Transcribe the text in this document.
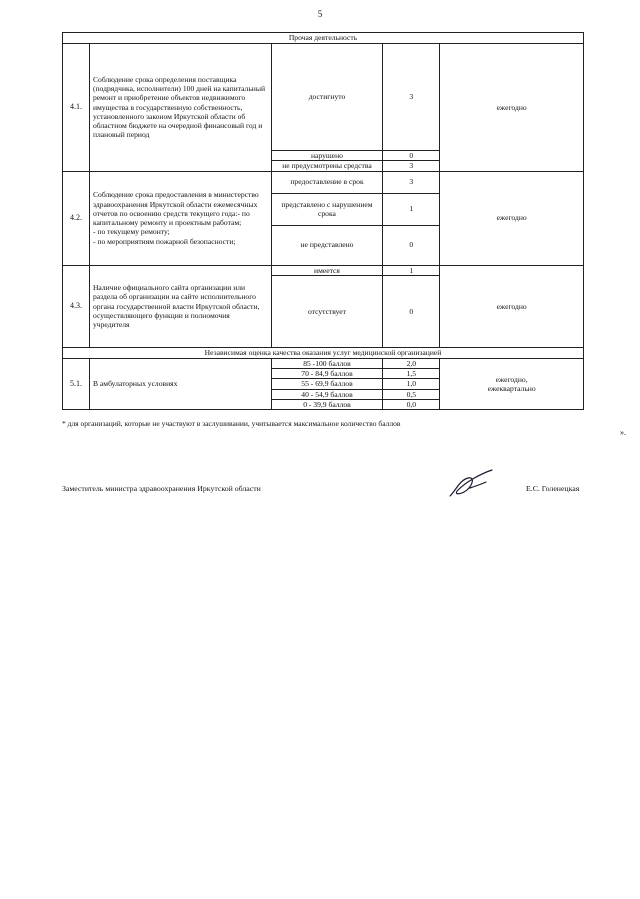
5
Прочая деятельность				
4.1.	Соблюдение срока определения поставщика (подрядчика, исполнители) 100 дней на капитальный ремонт и приобретение объектов недвижимого имущества в государственную собственность, установленного законом Иркутской области об областном бюджете на очередной финансовый год и плановый период	достигнуто	3	ежегодно
		нарушено	0	
		не предусмотрены средства	3	
4.2.	Соблюдение срока предоставления в министерство здравоохранения Иркутской области ежемесячных отчетов по освоению средств текущего года:- по капитальному ремонту и проектным работам;
- по текущему ремонту;
- по мероприятиям пожарной безопасности;	предоставление в срок	3	ежегодно
		представлено с нарушением срока	1	
		не представлено	0	
4.3.	Наличие официального сайта организации или раздела об организации на сайте исполнительного органа государственной власти Иркутской области, осуществляющего функции и полномочия учредителя	имеется	1	ежегодно
		отсутствует	0	
Независимая оценка качества оказания услуг медицинской организацией				
5.1.	В амбулаторных условиях	85 -100 баллов	2,0	ежегодно,
ежеквартально
		70 - 84,9 баллов	1,5	
		55 - 69,9 баллов	1,0	
		40 - 54,9 баллов	0,5	
		0 - 39,9 баллов	0,0	
* для организаций, которые не участвуют в заслушивании, учитывается максимальное количество баллов
».
Заместитель министра здравоохранения Иркутской области	Е.С. Голенецкая
